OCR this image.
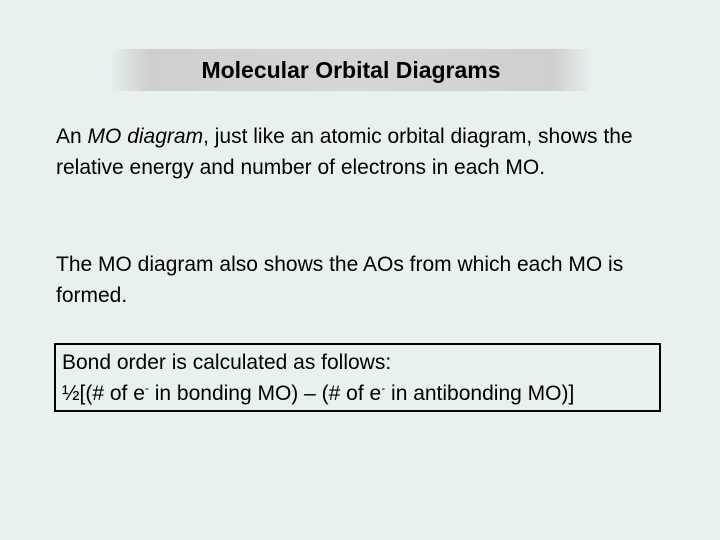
Molecular Orbital Diagrams

An MO diagram, just like an atomic orbital diagram, shows the relative energy and number of electrons in each MO.

The MO diagram also shows the AOs from which each MO is formed.

Bond order is calculated as follows:
½[(# of e- in bonding MO) – (# of e- in antibonding MO)]
